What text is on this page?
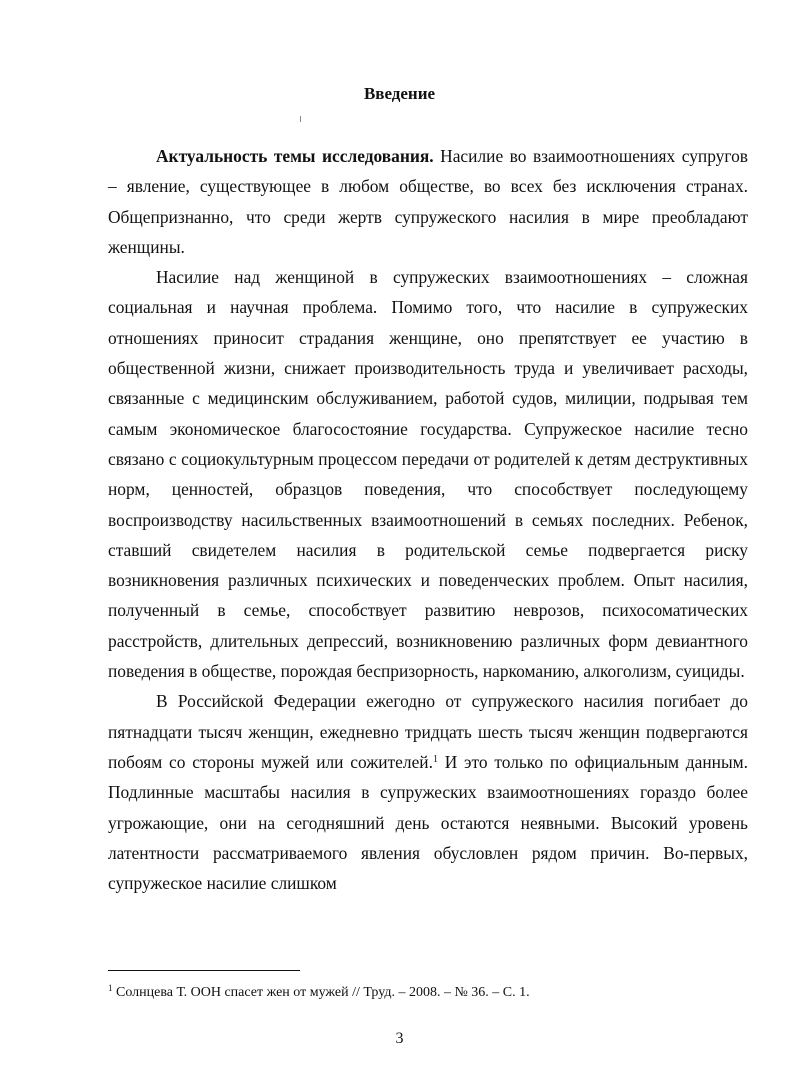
Введение

Актуальность темы исследования. Насилие во взаимоотношениях супругов – явление, существующее в любом обществе, во всех без исключения странах. Общепризнанно, что среди жертв супружеского насилия в мире преобладают женщины.

Насилие над женщиной в супружеских взаимоотношениях – сложная социальная и научная проблема. Помимо того, что насилие в супружеских отношениях приносит страдания женщине, оно препятствует ее участию в общественной жизни, снижает производительность труда и увеличивает расходы, связанные с медицинским обслуживанием, работой судов, милиции, подрывая тем самым экономическое благосостояние государства. Супружеское насилие тесно связано с социокультурным процессом передачи от родителей к детям деструктивных норм, ценностей, образцов поведения, что способствует последующему воспроизводству насильственных взаимоотношений в семьях последних. Ребенок, ставший свидетелем насилия в родительской семье подвергается риску возникновения различных психических и поведенческих проблем. Опыт насилия, полученный в семье, способствует развитию неврозов, психосоматических расстройств, длительных депрессий, возникновению различных форм девиантного поведения в обществе, порождая беспризорность, наркоманию, алкоголизм, суициды.

В Российской Федерации ежегодно от супружеского насилия погибает до пятнадцати тысяч женщин, ежедневно тридцать шесть тысяч женщин подвергаются побоям со стороны мужей или сожителей.$^1$ И это только по официальным данным. Подлинные масштабы насилия в супружеских взаимоотношениях гораздо более угрожающие, они на сегодняшний день остаются неявными. Высокий уровень латентности рассматриваемого явления обусловлен рядом причин. Во-первых, супружеское насилие слишком

$^1$ Солнцева Т. ООН спасет жен от мужей // Труд. – 2008. – № 36. – С. 1.
3
